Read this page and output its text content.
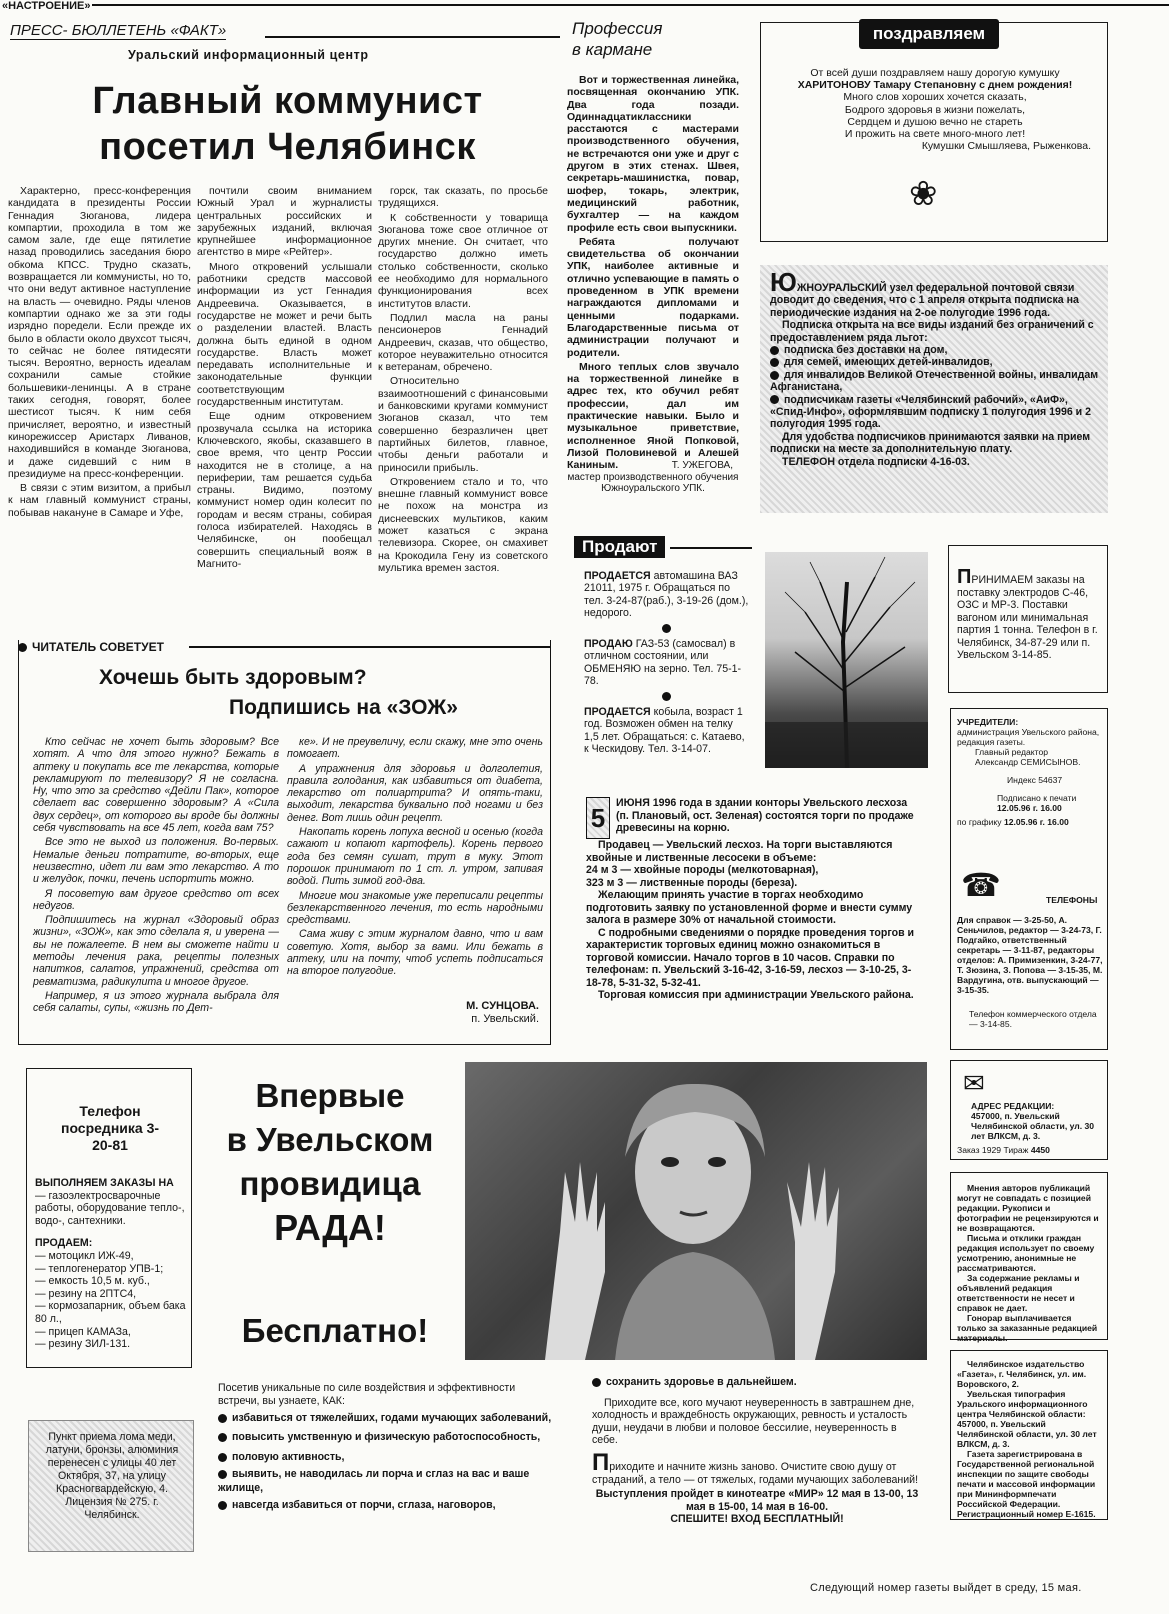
«НАСТРОЕНИЕ»
ПРЕСС- БЮЛЛЕТЕНЬ «ФАКТ»
Уральский информационный центр
Главный коммунист
посетил Челябинск

Характерно, пресс-конференция кандидата в президенты России Геннадия Зюганова, лидера компартии, проходила в том же самом зале, где еще пятилетие назад проводились заседания бюро обкома КПСС. Трудно сказать, возвращается ли коммунисты, но то, что они ведут активное наступление на власть — очевидно. Ряды членов компартии однако же за эти годы изрядно поредели. Если прежде их было в области около двухсот тысяч, то сейчас не более пятидесяти тысяч. Вероятно, верность идеалам сохранили самые стойкие большевики-ленинцы. А в стране таких сегодня, говорят, более шестисот тысяч. К ним себя причисляет, вероятно, и известный кинорежиссер Аристарх Ливанов, находившийся в команде Зюганова, и даже сидевший с ним в президиуме на пресс-конференции.

В связи с этим визитом, а прибыл к нам главный коммунист страны, побывав накануне в Самаре и Уфе,

почтили своим вниманием Южный Урал и журналисты центральных российских и зарубежных изданий, включая крупнейшее информационное агентство в мире «Рейтер».

Много откровений услышали работники средств массовой информации из уст Геннадия Андреевича. Оказывается, в государстве не может и речи быть о разделении властей. Власть должна быть единой в одном государстве. Власть может передавать исполнительные и законодательные функции соответствующим государственным институтам.

Еще одним откровением прозвучала ссылка на историка Ключевского, якобы, сказавшего в свое время, что центр России находится не в столице, а на периферии, там решается судьба страны. Видимо, поэтому коммунист номер один колесит по городам и весям страны, собирая голоса избирателей. Находясь в Челябинске, он пообещал совершить специальный вояж в Магнито-

горск, так сказать, по просьбе трудящихся.

К собственности у товарища Зюганова тоже свое отличное от других мнение. Он считает, что государство должно иметь столько собственности, сколько ее необходимо для нормального функционирования всех институтов власти.

Подлил масла на раны пенсионеров Геннадий Андреевич, сказав, что общество, которое неуважительно относится к ветеранам, обречено.

Относительно взаимоотношений с финансовыми и банковскими кругами коммунист Зюганов сказал, что тем совершенно безразличен цвет партийных билетов, главное, чтобы деньги работали и приносили прибыль.

Откровением стало и то, что внешне главный коммунист вовсе не похож на монстра из диснеевских мультиков, каким может казаться с экрана телевизора. Скорее, он смахивет на Крокодила Гену из советского мультика времен застоя.

Профессия
в кармане

Вот и торжественная линейка, посвященная окончанию УПК. Два года позади. Одиннадцатиклассники расстаются с мастерами производственного обучения, не встречаются они уже и друг с другом в этих стенах. Швея, секретарь-машинистка, повар, шофер, токарь, электрик, медицинский работник, бухгалтер — на каждом профиле есть свои выпускники.

Ребята получают свидетельства об окончании УПК, наиболее активные и отлично успевающие в память о проведенном в УПК времени награждаются дипломами и ценными подарками. Благодарственные письма от администрации получают и родители.

Много теплых слов звучало на торжественной линейке в адрес тех, кто обучил ребят профессии, дал им практические навыки. Было и музыкальное приветствие, исполненное Яной Попковой, Лизой Половиневой и Алешей Каниным.	Т. УЖЕГОВА,
мастер производственного обучения Южноуральского УПК.
поздравляем
От всей души поздравляем нашу дорогую кумушку
ХАРИТОНОВУ Тамару Степановну с днем рождения!
Много слов хороших хочется сказать,
Бодрого здоровья в жизни пожелать,
Сердцем и душою вечно не стареть
И прожить на свете много-много лет!
Кумушки Смышляева, Рыженкова.
❀
ЮЖНОУРАЛЬСКИЙ узел федеральной почтовой связи доводит до сведения, что с 1 апреля открыта подписка на периодические издания на 2-ое полугодие 1996 года.
Подписка открыта на все виды изданий без ограничений с предоставлением ряда льгот:
подписка без доставки на дом,
для семей, имеющих детей-инвалидов,
для инвалидов Великой Отечественной войны, инвалидам Афганистана,
подписчикам газеты «Челябинский рабочий», «АиФ», «Спид-Инфо», оформлявшим подписку 1 полугодия 1996 и 2 полугодия 1995 года.
Для удобства подписчиков принимаются заявки на прием подписки на месте за дополнительную плату.
ТЕЛЕФОН отдела подписки 4-16-03.
Продают
ПРОДАЕТСЯ автомашина ВАЗ 21011, 1975 г. Обращаться по тел. 3-24-87(раб.), 3-19-26 (дом.), недорого.
ПРОДАЮ ГАЗ-53 (самосвал) в отличном состоянии, или ОБМЕНЯЮ на зерно. Тел. 75-1-78.
ПРОДАЕТСЯ кобыла, возраст 1 год. Возможен обмен на телку 1,5 лет. Обращаться: с. Катаево, к Ческидову. Тел. 3-14-07.
ПРИНИМАЕМ заказы на поставку электродов С-46, ОЗС и МР-3. Поставки вагоном или минимальная партия 1 тонна. Телефон в г. Челябинск, 34-87-29 или п. Увельском 3-14-85.
ЧИТАТЕЛЬ СОВЕТУЕТ
Хочешь быть здоровым?
Подпишись на «ЗОЖ»

Кто сейчас не хочет быть здоровым? Все хотят. А что для этого нужно? Бежать в аптеку и покупать все те лекарства, которые рекламируют по телевизору? Я не согласна. Ну, что это за средство «Дейли Пак», которое сделает вас совершенно здоровым? А «Сила двух сердец», от которого вы вроде бы должны себя чувствовать на все 45 лет, когда вам 75?

Все это не выход из положения. Во-первых. Немалые деньги потратите, во-вторых, еще неизвестно, идет ли вам это лекарство. А то и желудок, почки, печень испортить можно.

Я посоветую вам другое средство от всех недугов.

Подпишитесь на журнал «Здоровый образ жизни», «ЗОЖ», как это сделала я, и уверена — вы не пожалеете. В нем вы сможете найти и методы лечения рака, рецепты полезных напитков, салатов, упражнений, средства от ревматизма, радикулита и многое другое.

Например, я из этого журнала выбрала для себя салаты, супы, «жизнь по Дет-

ке». И не преувеличу, если скажу, мне это очень помогает.

А упражнения для здоровья и долголетия, правила голодания, как избавиться от диабета, лекарство от полиартрита? И опять-таки, выходит, лекарства буквально под ногами и без денег. Вот лишь один рецепт.

Накопать корень лопуха весной и осенью (когда сажают и копают картофель). Корень первого года без семян сушат, трут в муку. Этот порошок принимают по 1 ст. л. утром, запивая водой. Пить зимой год-два.

Многие мои знакомые уже переписали рецепты безлекарственного лечения, то есть народными средствами.

Сама живу с этим журналом давно, что и вам советую. Хотя, выбор за вами. Или бежать в аптеку, или на почту, чтоб успеть подписаться на второе полугодие.

М. СУНЦОВА.
п. Увельский.
5	ИЮНЯ 1996 года в здании конторы Увельского лесхоза (п. Плановый, ост. Зеленая) состоятся торги по продаже древесины на корню.
Продавец — Увельский лесхоз. На торги выставляются хвойные и лиственные лесосеки в объеме:
24 м 3 — хвойные породы (мелкотоварная),
323 м 3 — лиственные породы (береза).
Желающим принять участие в торгах необходимо подготовить заявку по установленной форме и внести сумму залога в размере 30% от начальной стоимости.
С подробными сведениями о порядке проведения торгов и характеристик торговых единиц можно ознакомиться в торговой комиссии. Начало торгов в 10 часов. Справки по телефонам: п. Увельский 3-16-42, 3-16-59, лесхоз — 3-10-25, 3-18-78, 5-31-32, 5-32-41.
Торговая комиссия при администрации Увельского района.
УЧРЕДИТЕЛИ:
администрация Увельского района, редакция газеты.
Главный редактор
Александр СЕМИСЫНОВ.
Индекс 54637
Подписано к печати
12.05.96 г. 16.00
по графику 12.05.96 г. 16.00
☎	ТЕЛЕФОНЫ
Для справок — 3-25-50, А. Сеньчилов, редактор — 3-24-73, Г. Подгайко, ответственный секретарь — 3-11-87, редакторы отделов: А. Примизенкин, 3-24-77, Т. Зюзина, З. Попова — 3-15-35, М. Вардугина, отв. выпускающий — 3-15-35.
Телефон коммерческого отдела — 3-14-85.
✉
АДРЕС РЕДАКЦИИ:
457000, п. Увельский Челябинской области, ул. 30 лет ВЛКСМ, д. 3.
Заказ 1929 Тираж 4450
Мнения авторов публикаций могут не совпадать с позицией редакции. Рукописи и фотографии не рецензируются и не возвращаются.
Письма и отклики граждан редакция использует по своему усмотрению, анонимные не рассматриваются.
За содержание рекламы и объявлений редакция ответственности не несет и справок не дает.
Гонорар выплачивается только за заказанные редакцией материалы.
Челябинское издательство «Газета», г. Челябинск, ул. им. Воровского, 2.
Увельская типография Уральского информационного центра Челябинской области: 457000, п. Увельский Челябинской области, ул. 30 лет ВЛКСМ, д. 3.
Газета зарегистрирована в Государственной региональной инспекции по защите свободы печати и массовой информации при Мининформпечати Российской Федерации. Регистрационный номер Е-1615.
Телефон посредника 3-20-81
ВЫПОЛНЯЕМ ЗАКАЗЫ НА
— газоэлектросварочные работы, оборудование тепло-, водо-, сантехники.
ПРОДАЕМ:
— мотоцикл ИЖ-49,
— теплогенератор УПВ-1;
— емкость 10,5 м. куб.,
— резину на 2ПТС4,
— кормозапарник, объем бака 80 л.,
— прицеп КАМАЗа,
— резину ЗИЛ-131.
Пункт приема лома меди, латуни, бронзы, алюминия перенесен с улицы 40 лет Октября, 37, на улицу Красногвардейскую, 4. Лицензия № 275. г. Челябинск.
Впервые
в Увельском
провидица
РАДА!
Бесплатно!
Посетив уникальные по силе воздействия и эффективности встречи, вы узнаете, КАК:
избавиться от тяжелейших, годами мучающих заболеваний,
повысить умственную и физическую работоспособность,
половую активность,
выявить, не наводилась ли порча и сглаз на вас и ваше жилище,
навсегда избавиться от порчи, сглаза, наговоров,
сохранить здоровье в дальнейшем.
Приходите все, кого мучают неуверенность в завтрашнем дне, холодность и враждебность окружающих, ревность и усталость души, неудачи в любви и половое бессилие, неуверенность в себе.
Приходите и начните жизнь заново. Очистите свою душу от страданий, а тело — от тяжелых, годами мучающих заболеваний!
Выступления пройдет в кинотеатре «МИР» 12 мая в 13-00, 13 мая в 15-00, 14 мая в 16-00.
СПЕШИТЕ! ВХОД БЕСПЛАТНЫЙ!
Следующий номер газеты выйдет в среду, 15 мая.
